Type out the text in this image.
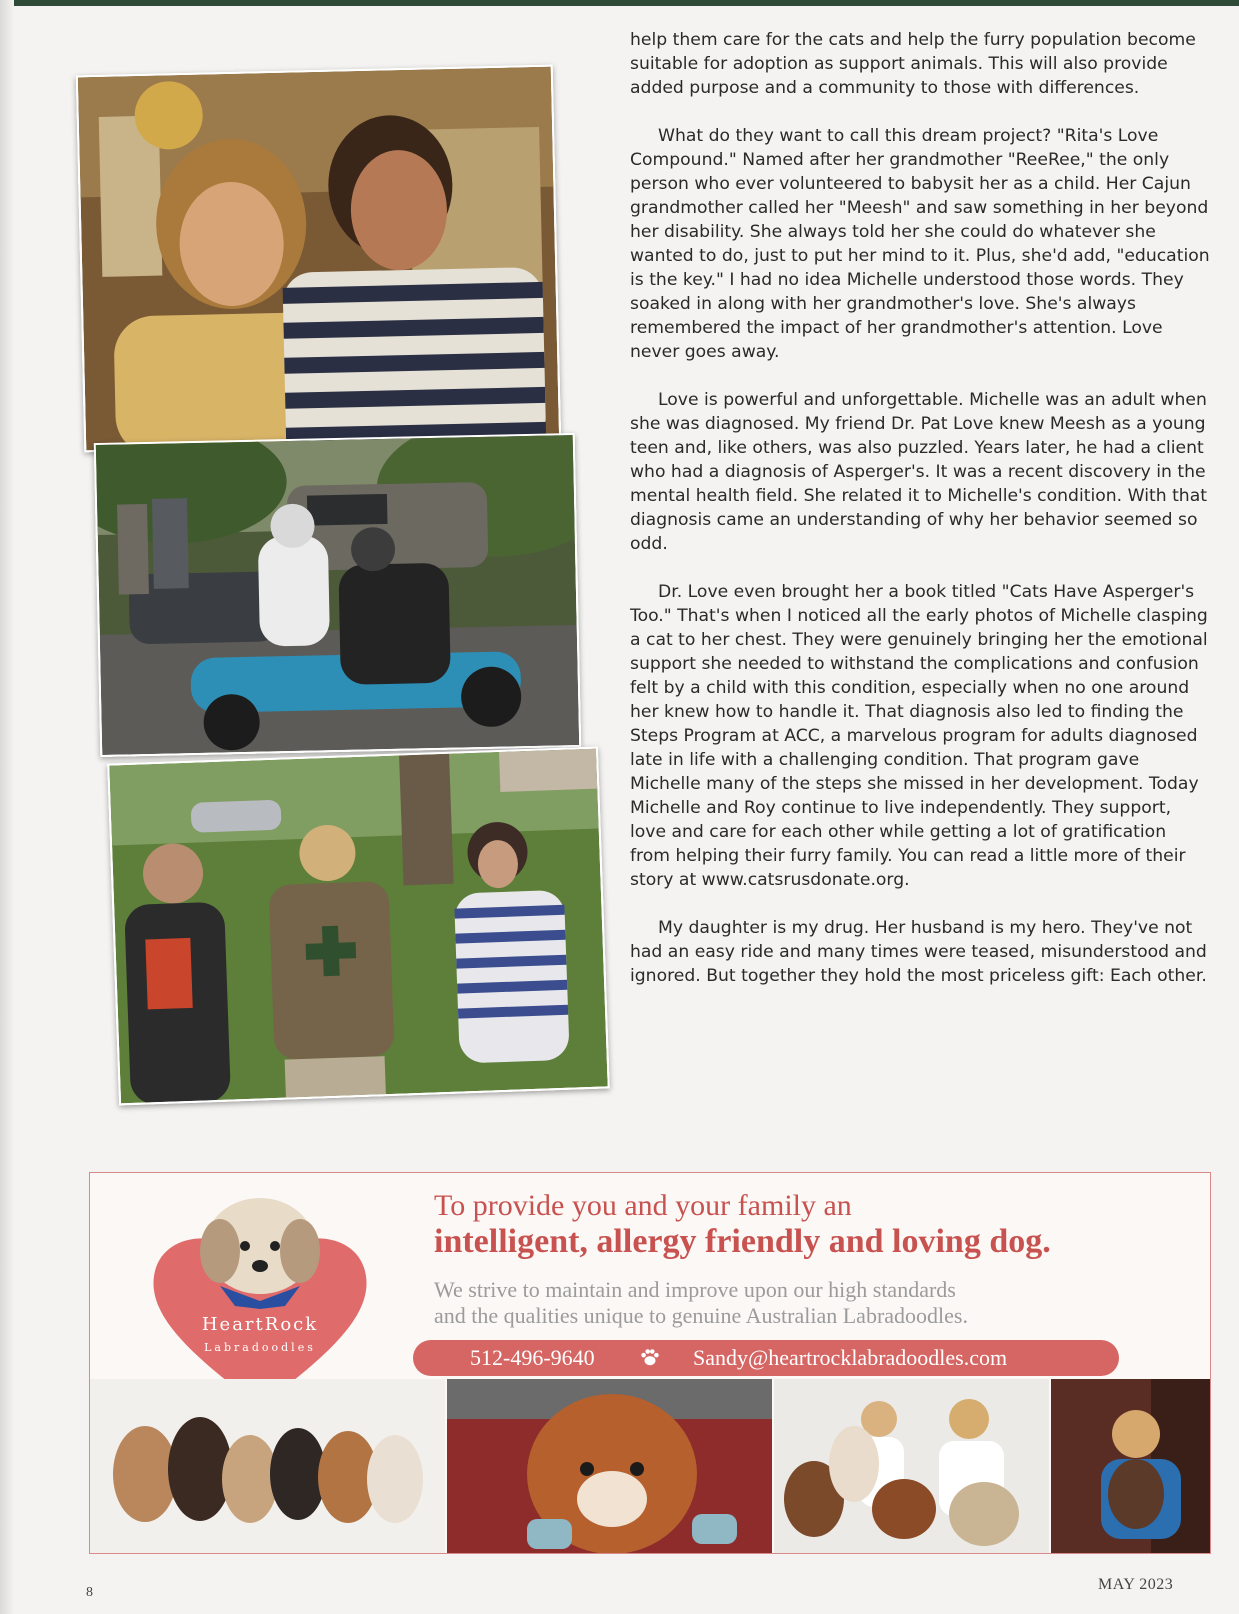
help them care for the cats and help the furry population become suitable for adoption as support animals. This will also provide added purpose and a community to those with differences.

What do they want to call this dream project? "Rita's Love Compound." Named after her grandmother "ReeRee," the only person who ever volunteered to babysit her as a child. Her Cajun grandmother called her "Meesh" and saw something in her beyond her disability. She always told her she could do whatever she wanted to do, just to put her mind to it. Plus, she'd add, "education is the key." I had no idea Michelle understood those words. They soaked in along with her grandmother's love. She's always remembered the impact of her grandmother's attention. Love never goes away.

Love is powerful and unforgettable. Michelle was an adult when she was diagnosed. My friend Dr. Pat Love knew Meesh as a young teen and, like others, was also puzzled. Years later, he had a client who had a diagnosis of Asperger's. It was a recent discovery in the mental health field. She related it to Michelle's condition. With that diagnosis came an understanding of why her behavior seemed so odd.

Dr. Love even brought her a book titled "Cats Have Asperger's Too." That's when I noticed all the early photos of Michelle clasping a cat to her chest. They were genuinely bringing her the emotional support she needed to withstand the complications and confusion felt by a child with this condition, especially when no one around her knew how to handle it. That diagnosis also led to finding the Steps Program at ACC, a marvelous program for adults diagnosed late in life with a challenging condition. That program gave Michelle many of the steps she missed in her development. Today Michelle and Roy continue to live independently. They support, love and care for each other while getting a lot of gratification from helping their furry family. You can read a little more of their story at www.catsrusdonate.org.

My daughter is my drug. Her husband is my hero. They've not had an easy ride and many times were teased, misunderstood and ignored. But together they hold the most priceless gift: Each other.

HeartRock
Labradoodles
To provide you and your family an
intelligent, allergy friendly and loving dog.
We strive to maintain and improve upon our high standards
and the qualities unique to genuine Australian Labradoodles.
512-496-9640	Sandy@heartrocklabradoodles.com
8	MAY 2023
